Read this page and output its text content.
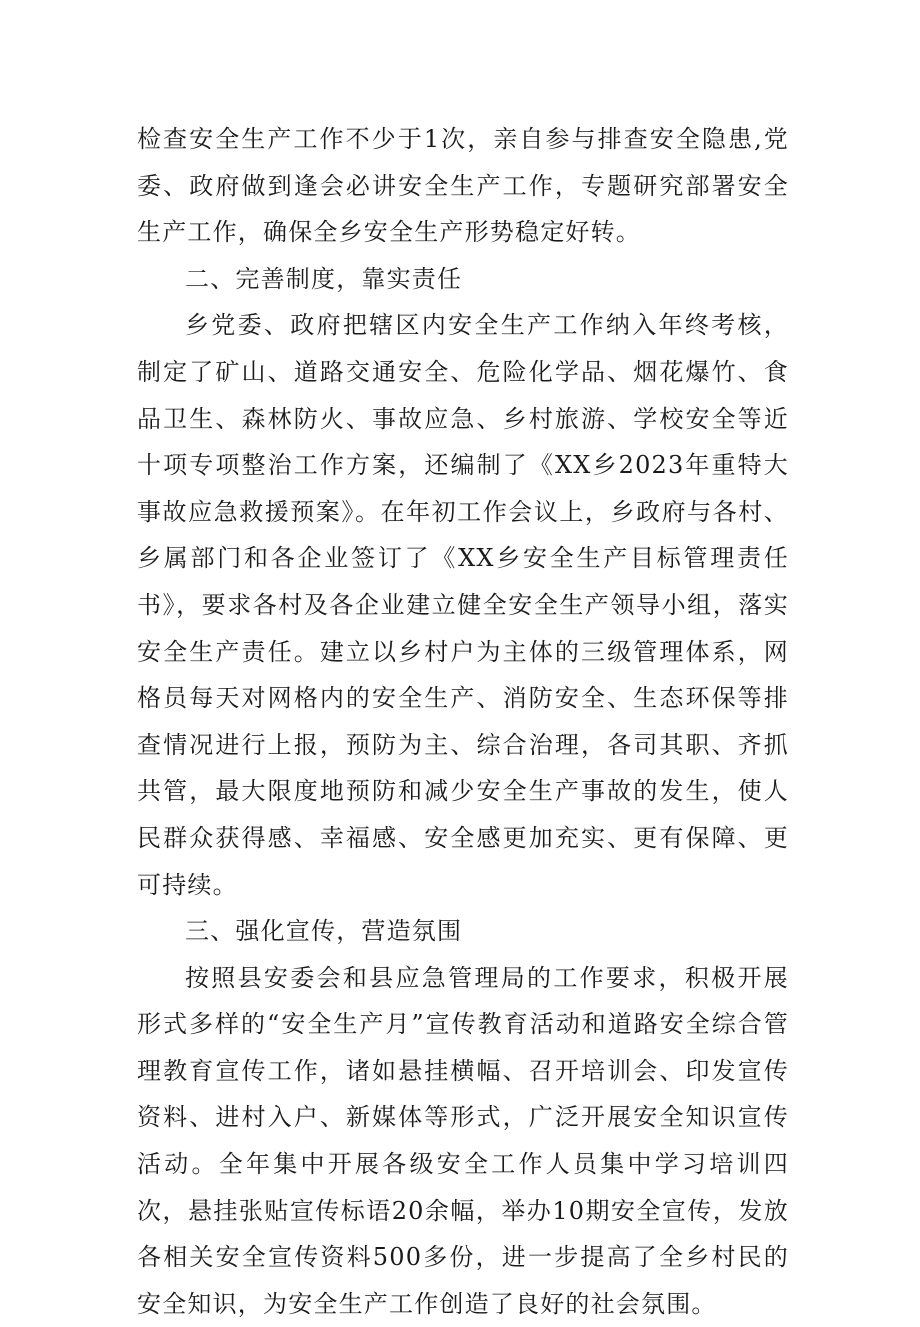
检查安全生产工作不少于1次，亲自参与排查安全隐患,党委、政府做到逢会必讲安全生产工作，专题研究部署安全生产工作，确保全乡安全生产形势稳定好转。

二、完善制度，靠实责任

乡党委、政府把辖区内安全生产工作纳入年终考核，制定了矿山、道路交通安全、危险化学品、烟花爆竹、食品卫生、森林防火、事故应急、乡村旅游、学校安全等近十项专项整治工作方案，还编制了《XX乡2023年重特大事故应急救援预案》。在年初工作会议上，乡政府与各村、乡属部门和各企业签订了《XX乡安全生产目标管理责任书》，要求各村及各企业建立健全安全生产领导小组，落实安全生产责任。建立以乡村户为主体的三级管理体系，网格员每天对网格内的安全生产、消防安全、生态环保等排查情况进行上报，预防为主、综合治理，各司其职、齐抓共管，最大限度地预防和减少安全生产事故的发生，使人民群众获得感、幸福感、安全感更加充实、更有保障、更可持续。

三、强化宣传，营造氛围

按照县安委会和县应急管理局的工作要求，积极开展形式多样的“安全生产月”宣传教育活动和道路安全综合管理教育宣传工作，诸如悬挂横幅、召开培训会、印发宣传资料、进村入户、新媒体等形式，广泛开展安全知识宣传活动。全年集中开展各级安全工作人员集中学习培训四次，悬挂张贴宣传标语20余幅，举办10期安全宣传，发放各相关安全宣传资料500多份，进一步提高了全乡村民的安全知识，为安全生产工作创造了良好的社会氛围。
